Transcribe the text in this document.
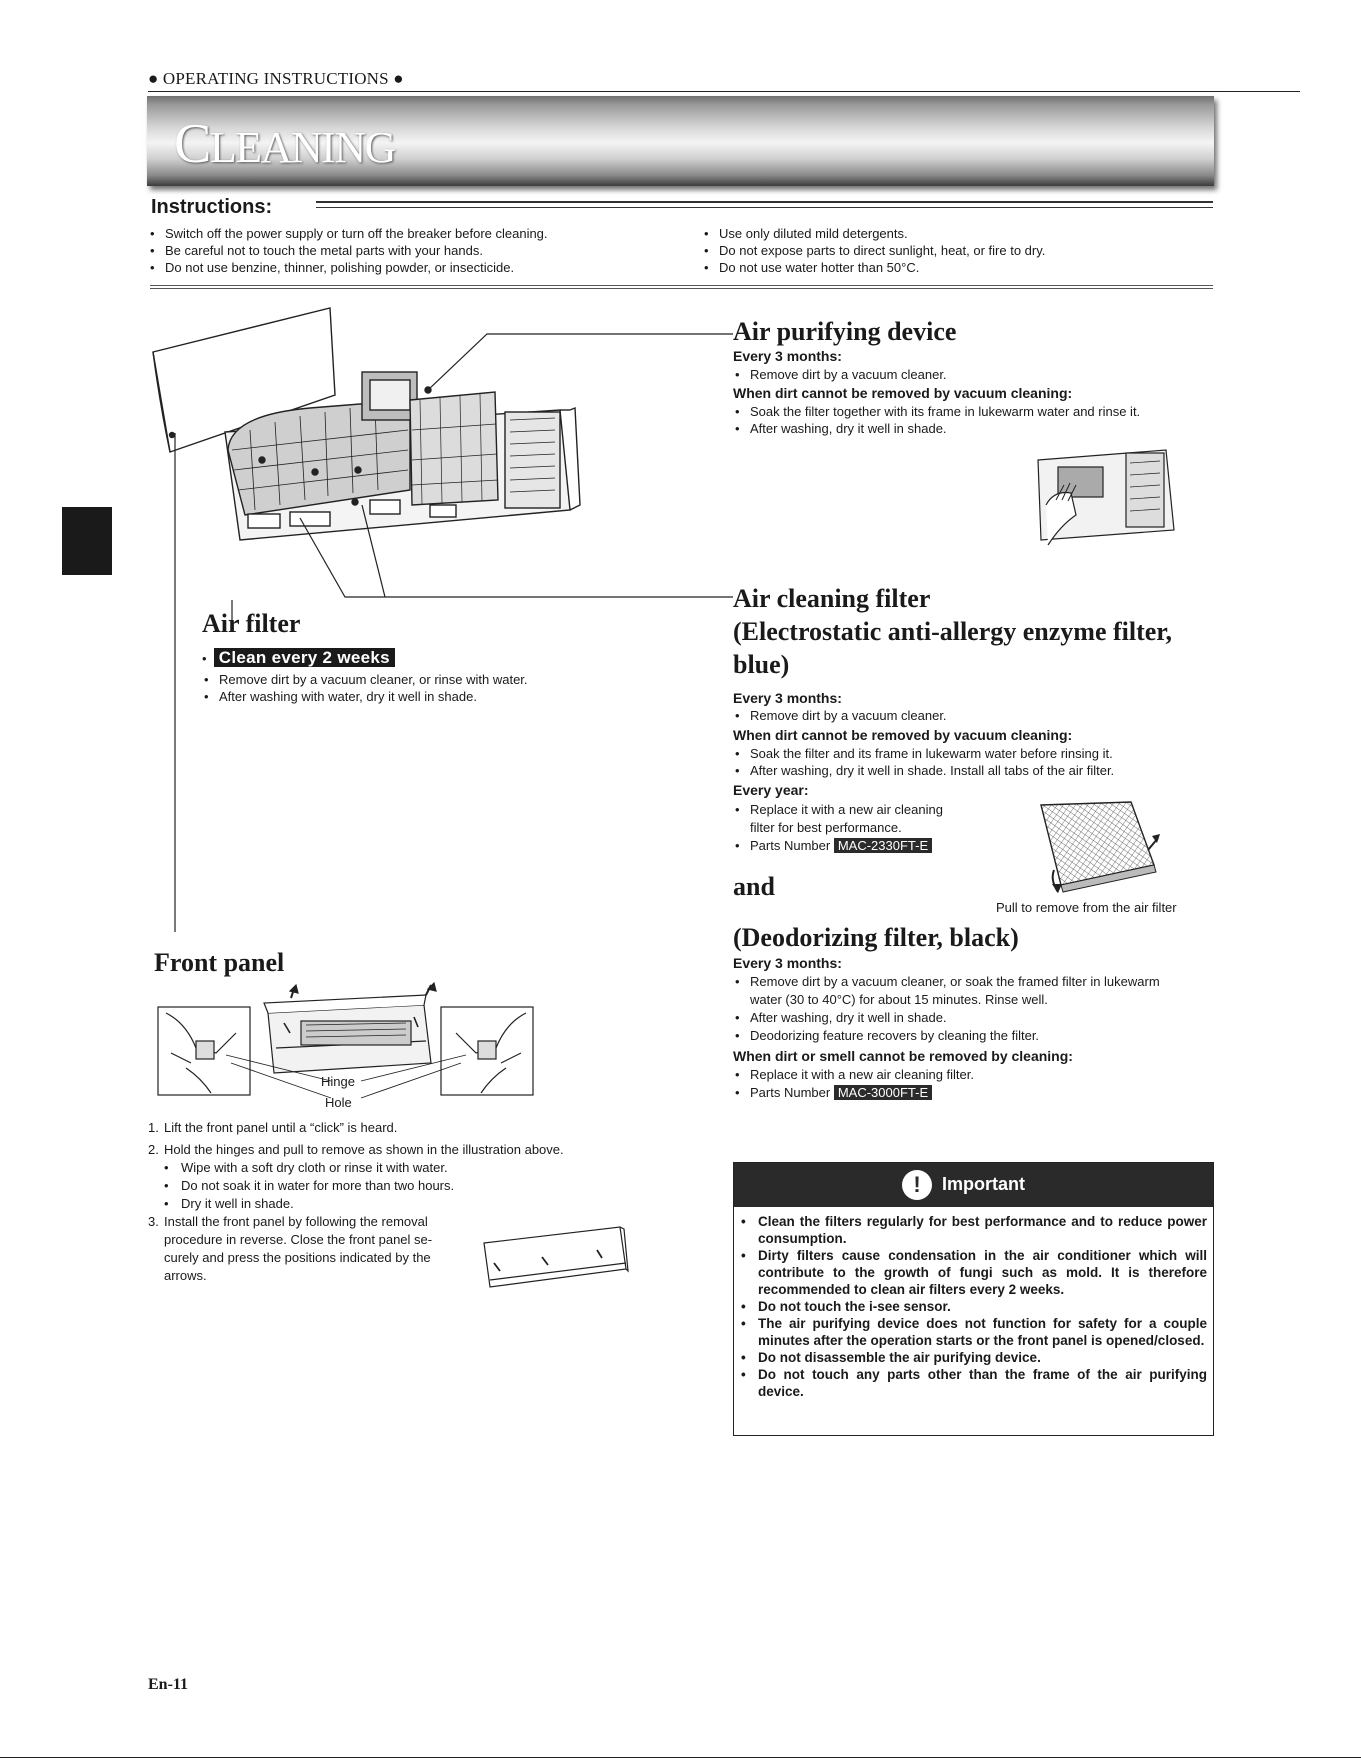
● OPERATING INSTRUCTIONS ●
CLEANING
Instructions:
• Switch off the power supply or turn off the breaker before cleaning.
• Be careful not to touch the metal parts with your hands.
• Do not use benzine, thinner, polishing powder, or insecticide.
• Use only diluted mild detergents.
• Do not expose parts to direct sunlight, heat, or fire to dry.
• Do not use water hotter than 50°C.
Air purifying device
Every 3 months:
• Remove dirt by a vacuum cleaner.
When dirt cannot be removed by vacuum cleaning:
• Soak the filter together with its frame in lukewarm water and rinse it.
• After washing, dry it well in shade.
Air filter
•  Clean every 2 weeks
• Remove dirt by a vacuum cleaner, or rinse with water.
• After washing with water, dry it well in shade.
Air cleaning filter
(Electrostatic anti-allergy enzyme filter,
blue)
Every 3 months:
• Remove dirt by a vacuum cleaner.
When dirt cannot be removed by vacuum cleaning:
• Soak the filter and its frame in lukewarm water before rinsing it.
• After washing, dry it well in shade. Install all tabs of the air filter.
Every year:
• Replace it with a new air cleaning
filter for best performance.
• Parts Number MAC-2330FT-E
Pull to remove from the air filter
and
(Deodorizing filter, black)
Every 3 months:
• Remove dirt by a vacuum cleaner, or soak the framed filter in lukewarm
water (30 to 40°C) for about 15 minutes. Rinse well.
• After washing, dry it well in shade.
• Deodorizing feature recovers by cleaning the filter.
When dirt or smell cannot be removed by cleaning:
• Replace it with a new air cleaning filter.
• Parts Number MAC-3000FT-E
Front panel
Hinge
Hole
1. Lift the front panel until a “click” is heard.
2. Hold the hinges and pull to remove as shown in the illustration above.
• Wipe with a soft dry cloth or rinse it with water.
• Do not soak it in water for more than two hours.
• Dry it well in shade.
3. Install the front panel by following the removal
procedure in reverse. Close the front panel se-
curely and press the positions indicated by the
arrows.
!	Important
• Clean the filters regularly for best performance and to reduce power consumption.
• Dirty filters cause condensation in the air conditioner which will contribute to the growth of fungi such as mold. It is therefore recommended to clean air filters every 2 weeks.
• Do not touch the i-see sensor.
• The air purifying device does not function for safety for a couple minutes after the operation starts or the front panel is opened/closed.
• Do not disassemble the air purifying device.
• Do not touch any parts other than the frame of the air purifying device.
En-11
